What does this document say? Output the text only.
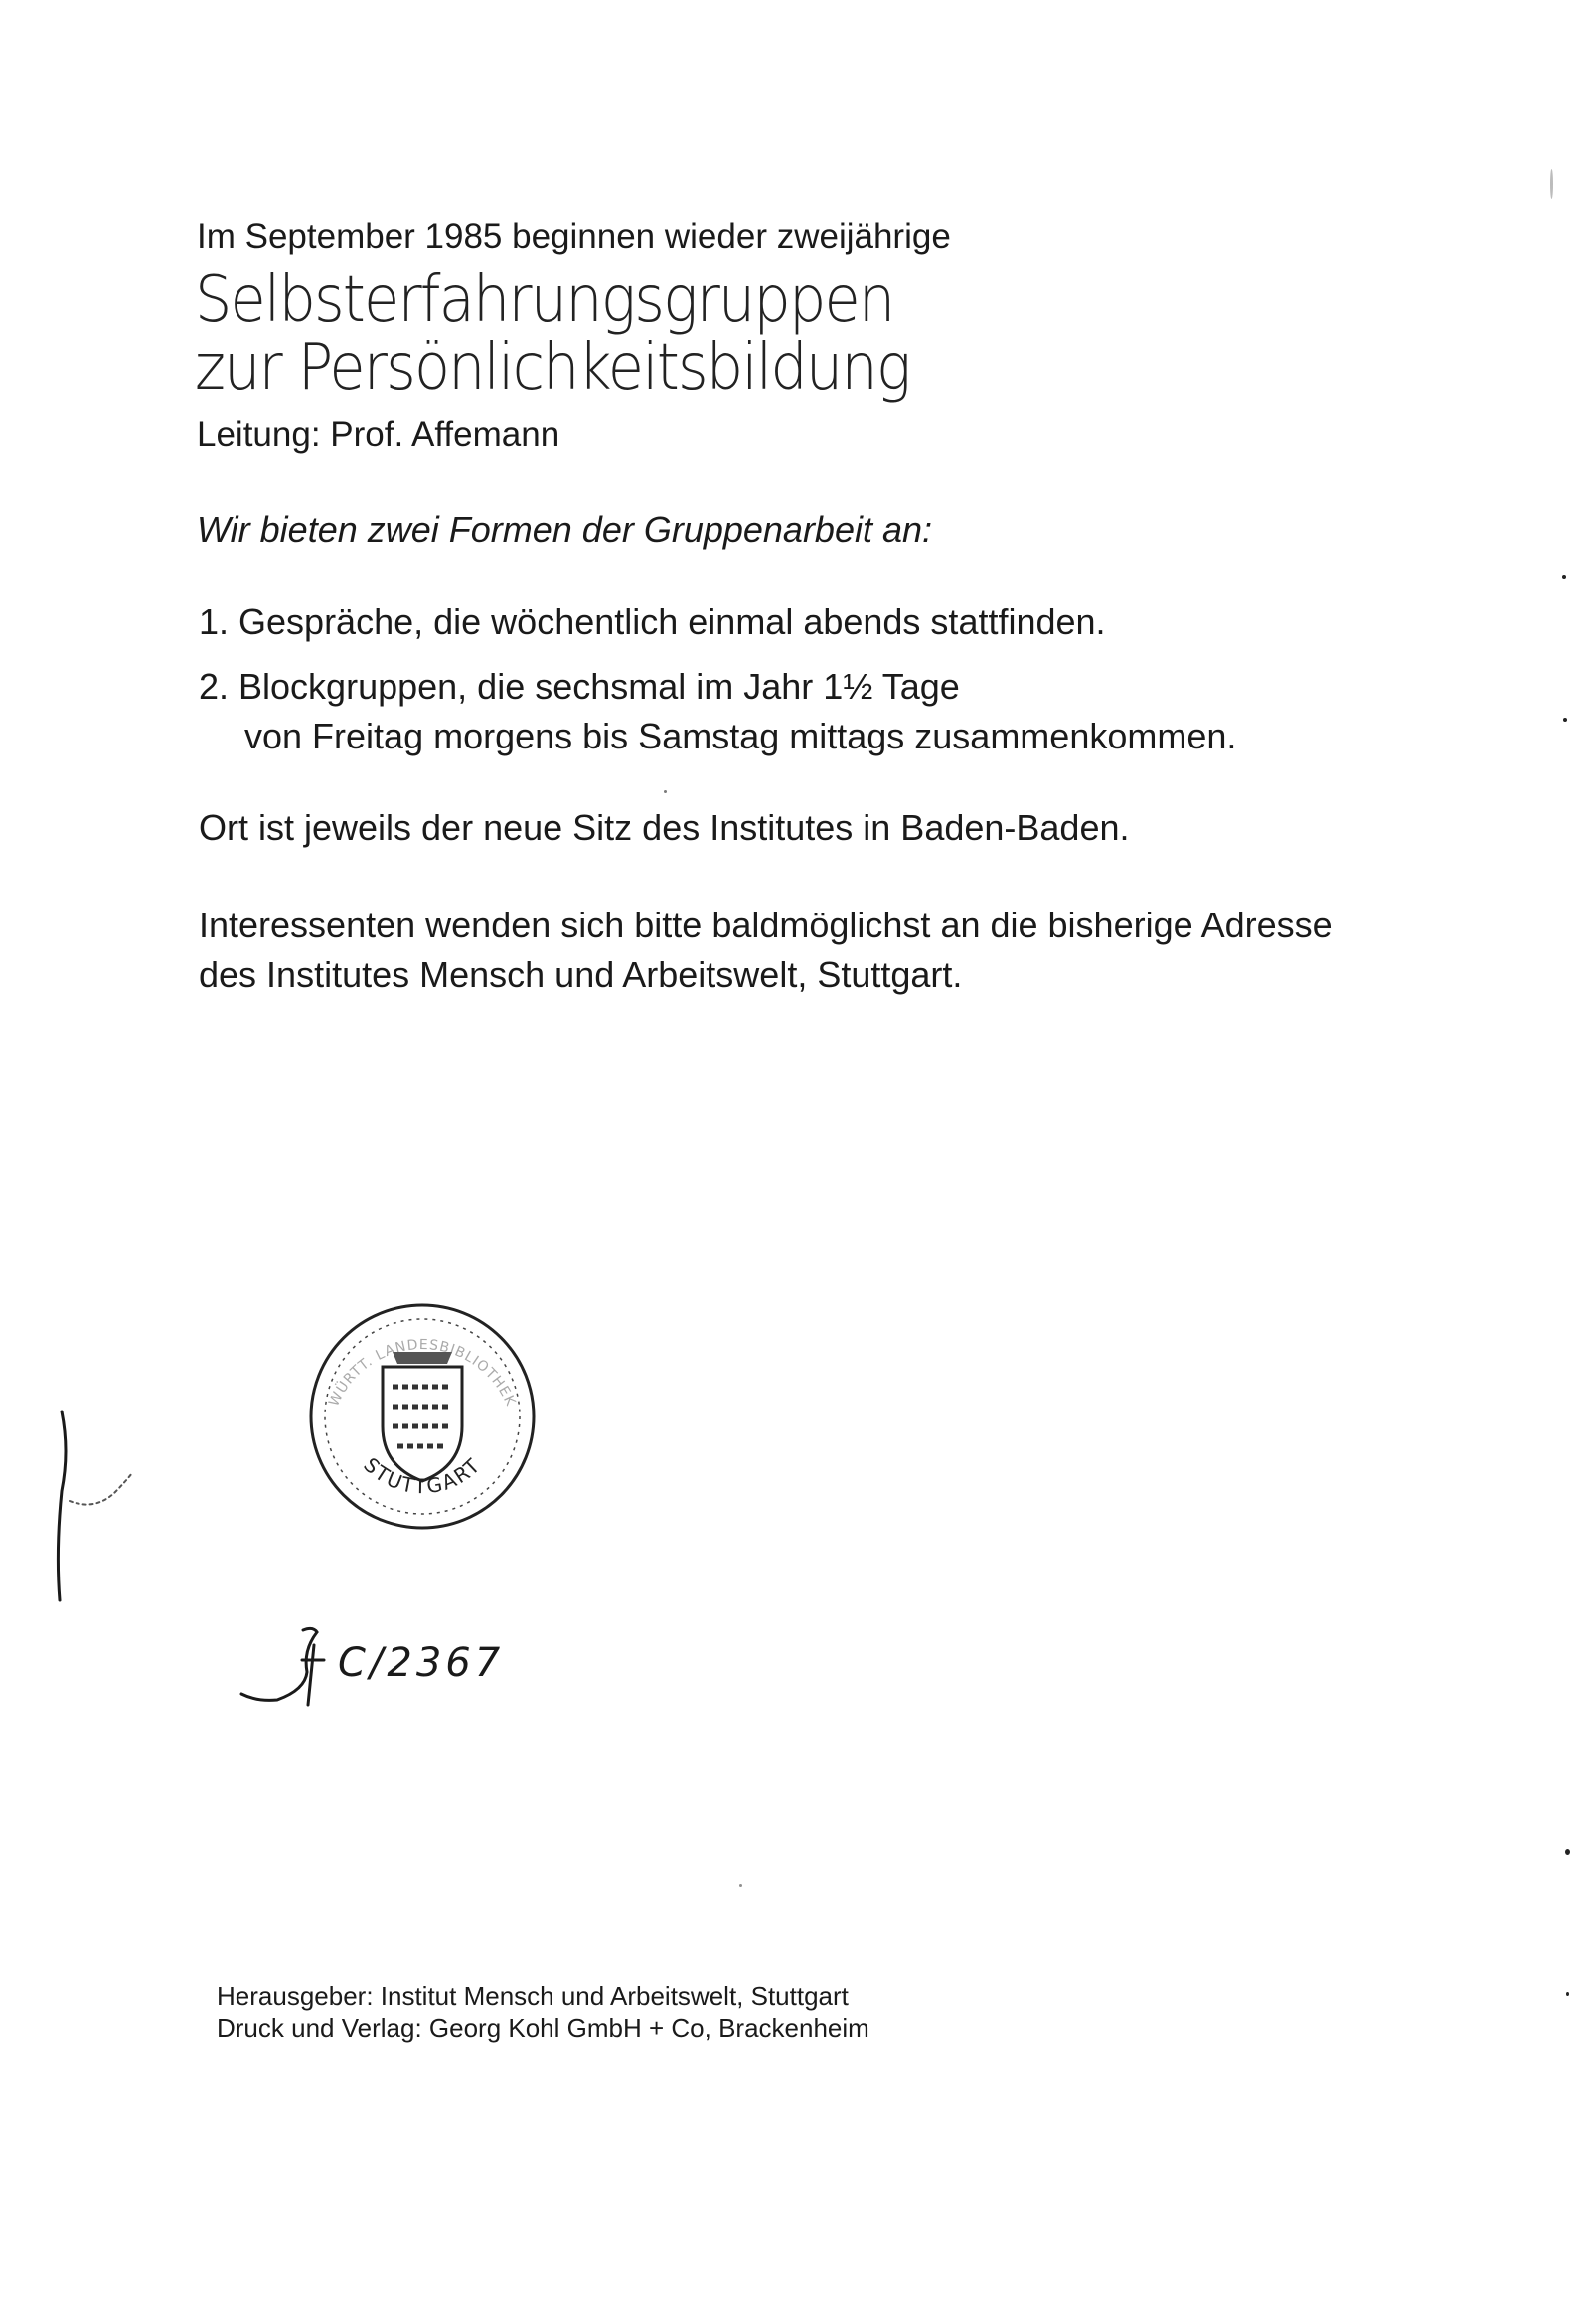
Im September 1985 beginnen wieder zweijährige
Selbsterfahrungsgruppen
zur Persönlichkeitsbildung
Leitung: Prof. Affemann
Wir bieten zwei Formen der Gruppenarbeit an:
1. Gespräche, die wöchentlich einmal abends stattfinden.
2. Blockgruppen, die sechsmal im Jahr 1½ Tage
von Freitag morgens bis Samstag mittags zusammenkommen.
Ort ist jeweils der neue Sitz des Institutes in Baden-Baden.
Interessenten wenden sich bitte baldmöglichst an die bisherige Adresse
des Institutes Mensch und Arbeitswelt, Stuttgart.
STUTTGART
WÜRTT. LANDESBIBLIOTHEK
C/2367
Herausgeber: Institut Mensch und Arbeitswelt, Stuttgart
Druck und Verlag: Georg Kohl GmbH + Co, Brackenheim
